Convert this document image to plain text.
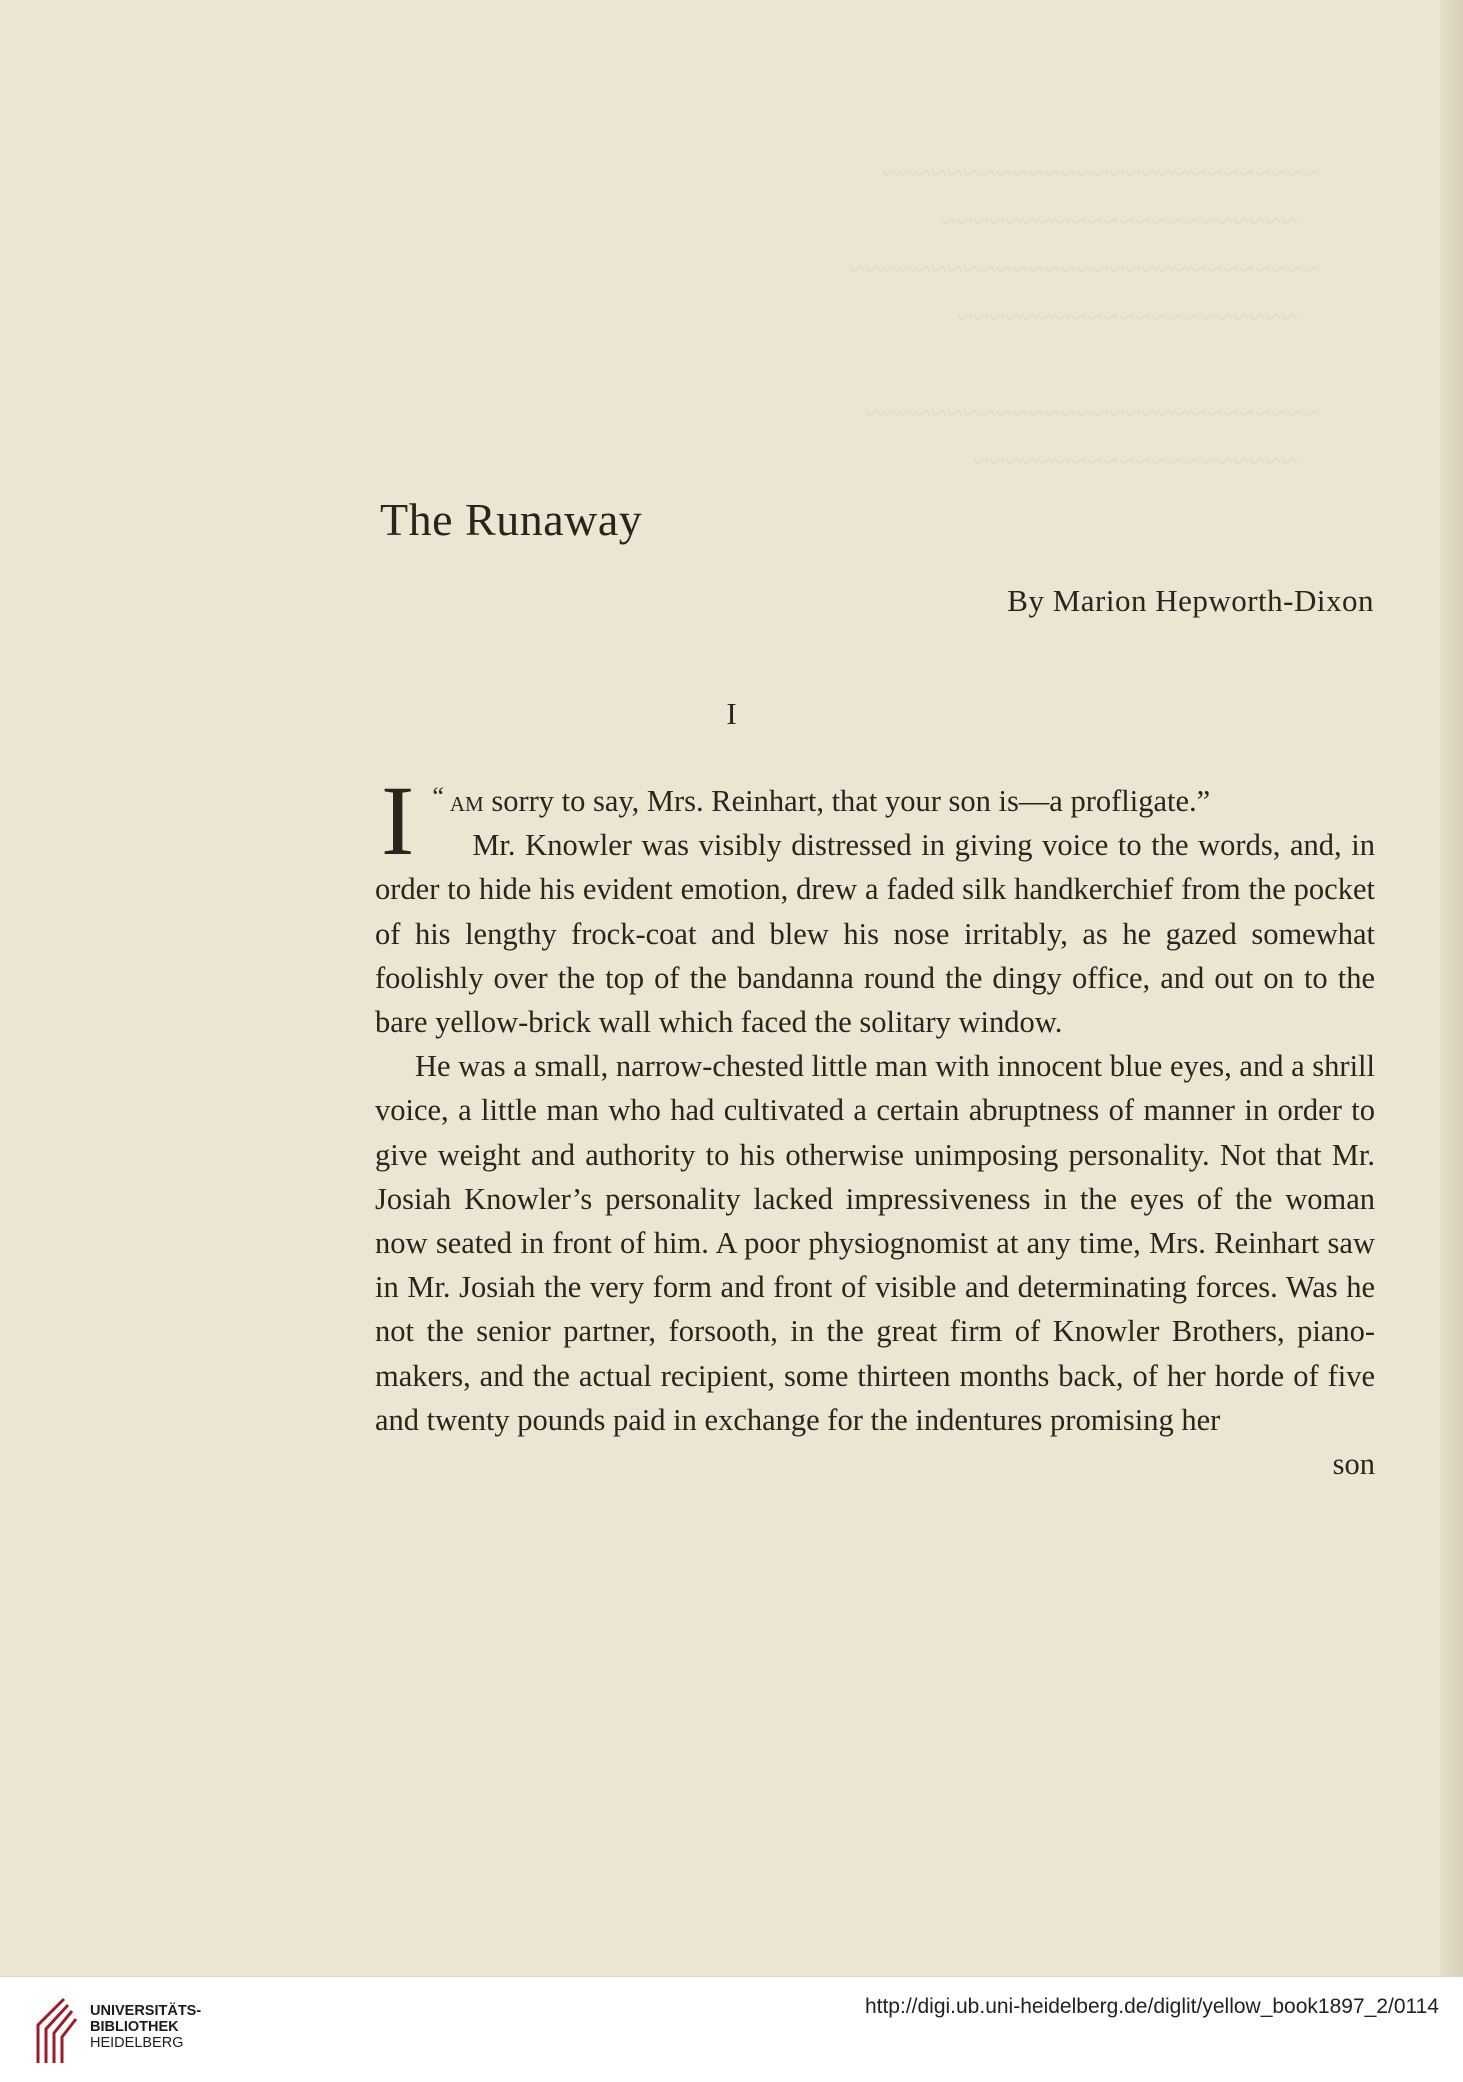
~~~~~~~~~~~~~~~~~~~~~~~~~~~
~~~~~~~~~~~~~~~~~~~~~~
~~~~~~~~~~~~~~~~~~~~~~~~~~~~~
~~~~~~~~~~~~~~~~~~~~~

~~~~~~~~~~~~~~~~~~~~~~~~~~~~
~~~~~~~~~~~~~~~~~~~~
The Runaway

By Marion Hepworth-Dixon

I

“
I am sorry to say, Mrs. Reinhart, that your son is—a profligate.”

Mr. Knowler was visibly distressed in giving voice to the words, and, in order to hide his evident emotion, drew a faded silk handkerchief from the pocket of his lengthy frock-coat and blew his nose irritably, as he gazed somewhat foolishly over the top of the bandanna round the dingy office, and out on to the bare yellow-brick wall which faced the solitary window.

He was a small, narrow-chested little man with innocent blue eyes, and a shrill voice, a little man who had cultivated a certain abruptness of manner in order to give weight and authority to his otherwise unimposing personality. Not that Mr. Josiah Knowler’s personality lacked impressiveness in the eyes of the woman now seated in front of him. A poor physiognomist at any time, Mrs. Reinhart saw in Mr. Josiah the very form and front of visible and determinating forces. Was he not the senior partner, forsooth, in the great firm of Knowler Brothers, piano-makers, and the actual recipient, some thirteen months back, of her horde of five and twenty pounds paid in exchange for the indentures promising her

son

UNIVERSITÄTS-
BIBLIOTHEK
HEIDELBERG
http://digi.ub.uni-heidelberg.de/diglit/yellow_book1897_2/0114
